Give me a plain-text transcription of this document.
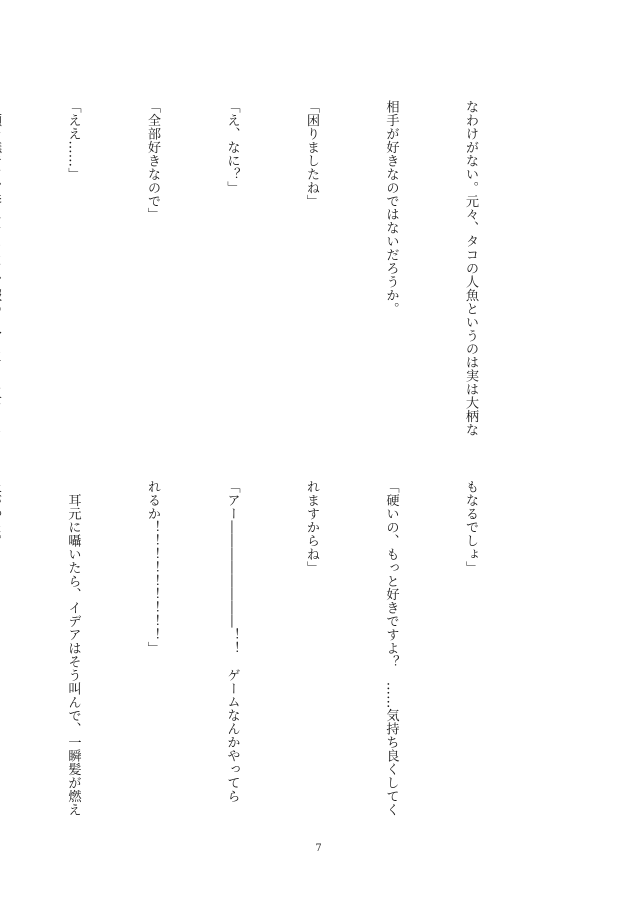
なわけがない。元々、タコの人魚というのは実は大柄な

相手が好きなのではないだろうか。

「困りましたね」

「え、なに？」

「全部好きなので」

「ええ……」

もなるでしょ」

「硬いの、もっと好きですよ？　……気持ち良くしてく

れますからね」

「アー――――――――！！　ゲームなんかやってら

れるか！！！！！！！！！」

　耳元に囁いたら、イデアはそう叫んで、一瞬髪が燃え

7
